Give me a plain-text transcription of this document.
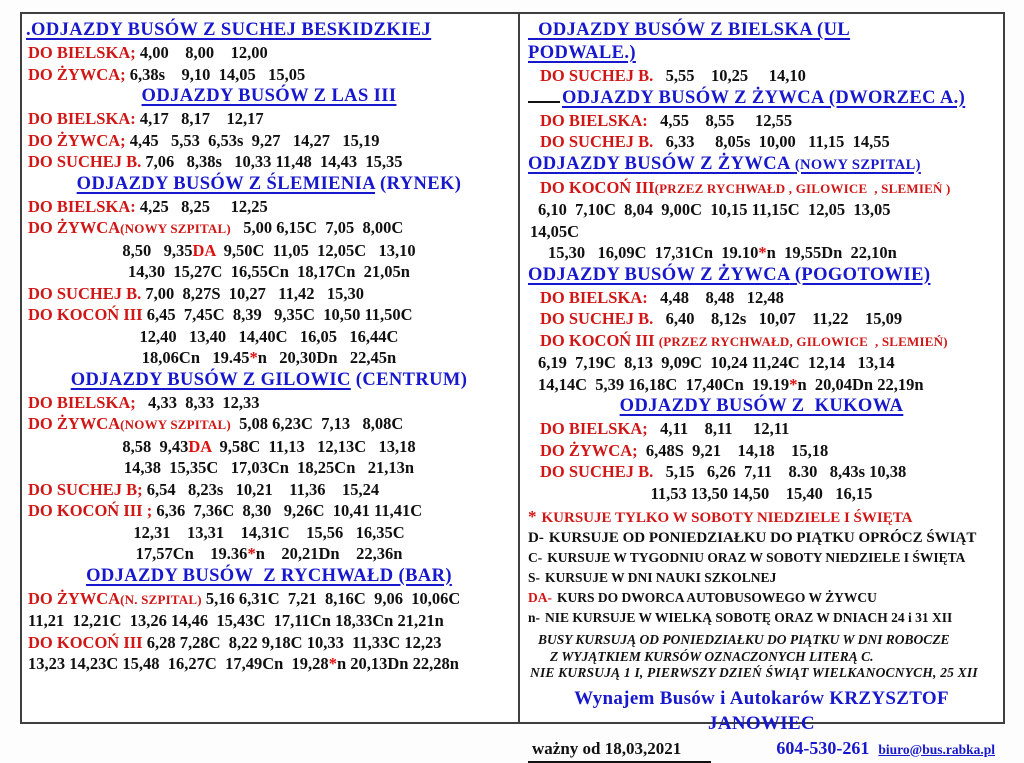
.ODJAZDY BUSÓW Z SUCHEJ BESKIDZKIEJ
DO BIELSKA; 4,00    8,00    12,00
DO ŻYWCA; 6,38s    9,10  14,05   15,05
ODJAZDY BUSÓW Z LAS III
DO BIELSKA: 4,17   8,17    12,17
DO ŻYWCA; 4,45   5,53  6,53s  9,27   14,27   15,19
DO SUCHEJ B. 7,06   8,38s   10,33 11,48  14,43  15,35
ODJAZDY BUSÓW Z ŚLEMIENIA (RYNEK)
DO BIELSKA: 4,25   8,25     12,25
DO ŻYWCA(NOWY SZPITAL)   5,00 6,15C  7,05  8,00C
8,50   9,35DA  9,50C  11,05  12,05C   13,10
14,30  15,27C  16,55Cn  18,17Cn  21,05n
DO SUCHEJ B. 7,00  8,27S  10,27   11,42   15,30
DO KOCOŃ III 6,45  7,45C  8,39   9,35C  10,50 11,50C
12,40   13,40   14,40C   16,05   16,44C
18,06Cn   19.45*n   20,30Dn   22,45n
ODJAZDY BUSÓW Z GILOWIC (CENTRUM)
DO BIELSKA;   4,33  8,33  12,33
DO ŻYWCA(NOWY SZPITAL)  5,08 6,23C  7,13   8,08C
8,58  9,43DA  9,58C  11,13   12,13C   13,18
14,38  15,35C   17,03Cn  18,25Cn   21,13n
DO SUCHEJ B; 6,54   8,23s   10,21    11,36    15,24
DO KOCOŃ III ; 6,36  7,36C  8,30   9,26C  10,41 11,41C
12,31    13,31    14,31C    15,56   16,35C
17,57Cn    19.36*n    20,21Dn    22,36n
ODJAZDY BUSÓW  Z RYCHWAŁD (BAR)
DO ŻYWCA(N. SZPITAL) 5,16 6,31C  7,21  8,16C  9,06  10,06C
11,21  12,21C  13,26 14,46  15,43C  17,11Cn 18,33Cn 21,21n
DO KOCOŃ III 6,28 7,28C  8,22 9,18C 10,33  11,33C 12,23
13,23 14,23C 15,48  16,27C  17,49Cn  19,28*n 20,13Dn 22,28n
ODJAZDY BUSÓW Z BIELSKA (UL
PODWALE.)
DO SUCHEJ B.   5,55    10,25     14,10
ODJAZDY BUSÓW Z ŻYWCA (DWORZEC A.)
DO BIELSKA:   4,55    8,55     12,55
DO SUCHEJ B.   6,33     8,05s  10,00   11,15  14,55
ODJAZDY BUSÓW Z ŻYWCA (NOWY SZPITAL)
DO KOCOŃ III(PRZEZ RYCHWAŁD , GILOWICE  , SLEMIEŃ )
6,10  7,10C  8,04  9,00C  10,15 11,15C  12,05  13,05
14,05C
15,30   16,09C  17,31Cn  19.10*n  19,55Dn  22,10n
ODJAZDY BUSÓW Z ŻYWCA (POGOTOWIE)
DO BIELSKA:   4,48    8,48   12,48
DO SUCHEJ B.   6,40    8,12s   10,07    11,22    15,09
DO KOCOŃ III (PRZEZ RYCHWAŁD, GILOWICE  , SLEMIEŃ)
6,19  7,19C  8,13  9,09C  10,24 11,24C  12,14   13,14
14,14C  5,39 16,18C  17,40Cn  19.19*n  20,04Dn 22,19n
ODJAZDY BUSÓW Z  KUKOWA
DO BIELSKA;   4,11    8,11     12,11
DO ŻYWCA;  6,48S  9,21    14,18    15,18
DO SUCHEJ B.   5,15   6,26  7,11    8.30   8,43s 10,38
11,53 13,50 14,50    15,40   16,15
* KURSUJE TYLKO W SOBOTY NIEDZIELE I ŚWIĘTA
D- KURSUJE OD PONIEDZIAŁKU DO PIĄTKU OPRÓCZ ŚWIĄT
C- KURSUJE W TYGODNIU ORAZ W SOBOTY NIEDZIELE I ŚWIĘTA
S- KURSUJE W DNI NAUKI SZKOLNEJ
DA- KURS DO DWORCA AUTOBUSOWEGO W ŻYWCU
n- NIE KURSUJE W WIELKĄ SOBOTĘ ORAZ W DNIACH 24 i 31 XII
BUSY KURSUJĄ OD PONIEDZIAŁKU DO PIĄTKU W DNI ROBOCZE
Z WYJĄTKIEM KURSÓW OZNACZONYCH LITERĄ C.
NIE KURSUJĄ 1 I, PIERWSZY DZIEŃ ŚWIĄT WIELKANOCNYCH, 25 XII
Wynajem Busów i Autokarów KRZYSZTOF JANOWIEC
ważny od 18,03,2021	604-530-261 biuro@bus.rabka.pl
